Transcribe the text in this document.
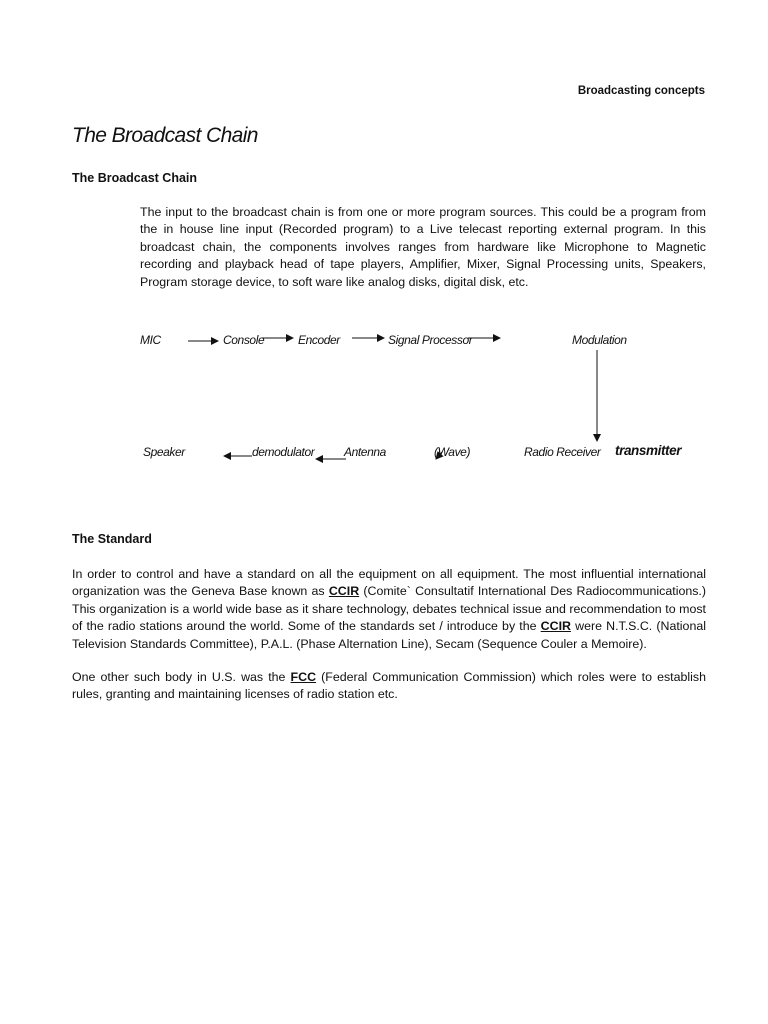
Broadcasting concepts
The Broadcast Chain
The Broadcast Chain

The input to the broadcast chain is from one or more program sources. This could be a program from the in house line input (Recorded program) to a Live telecast reporting external program. In this broadcast chain, the components involves ranges from hardware like Microphone to Magnetic recording and playback head of tape players, Amplifier, Mixer, Signal Processing units, Speakers, Program storage device, to soft ware like analog disks, digital disk, etc.

MIC	Console	Encoder	Signal Processor	Modulation
Speaker	demodulator Antenna	(Wave)	Radio Receiver transmitter
The Standard

In order to control and have a standard on all the equipment on all equipment. The most influential international organization was the Geneva Base known as CCIR (Comite` Consultatif International Des Radiocommunications.) This organization is a world wide base as it share technology, debates technical issue and recommendation to most of the radio stations around the world. Some of the standards set / introduce by the CCIR were N.T.S.C. (National Television Standards Committee), P.A.L. (Phase Alternation Line), Secam (Sequence Couler a Memoire).

One other such body in U.S. was the FCC (Federal Communication Commission) which roles were to establish rules, granting and maintaining licenses of radio station etc.
